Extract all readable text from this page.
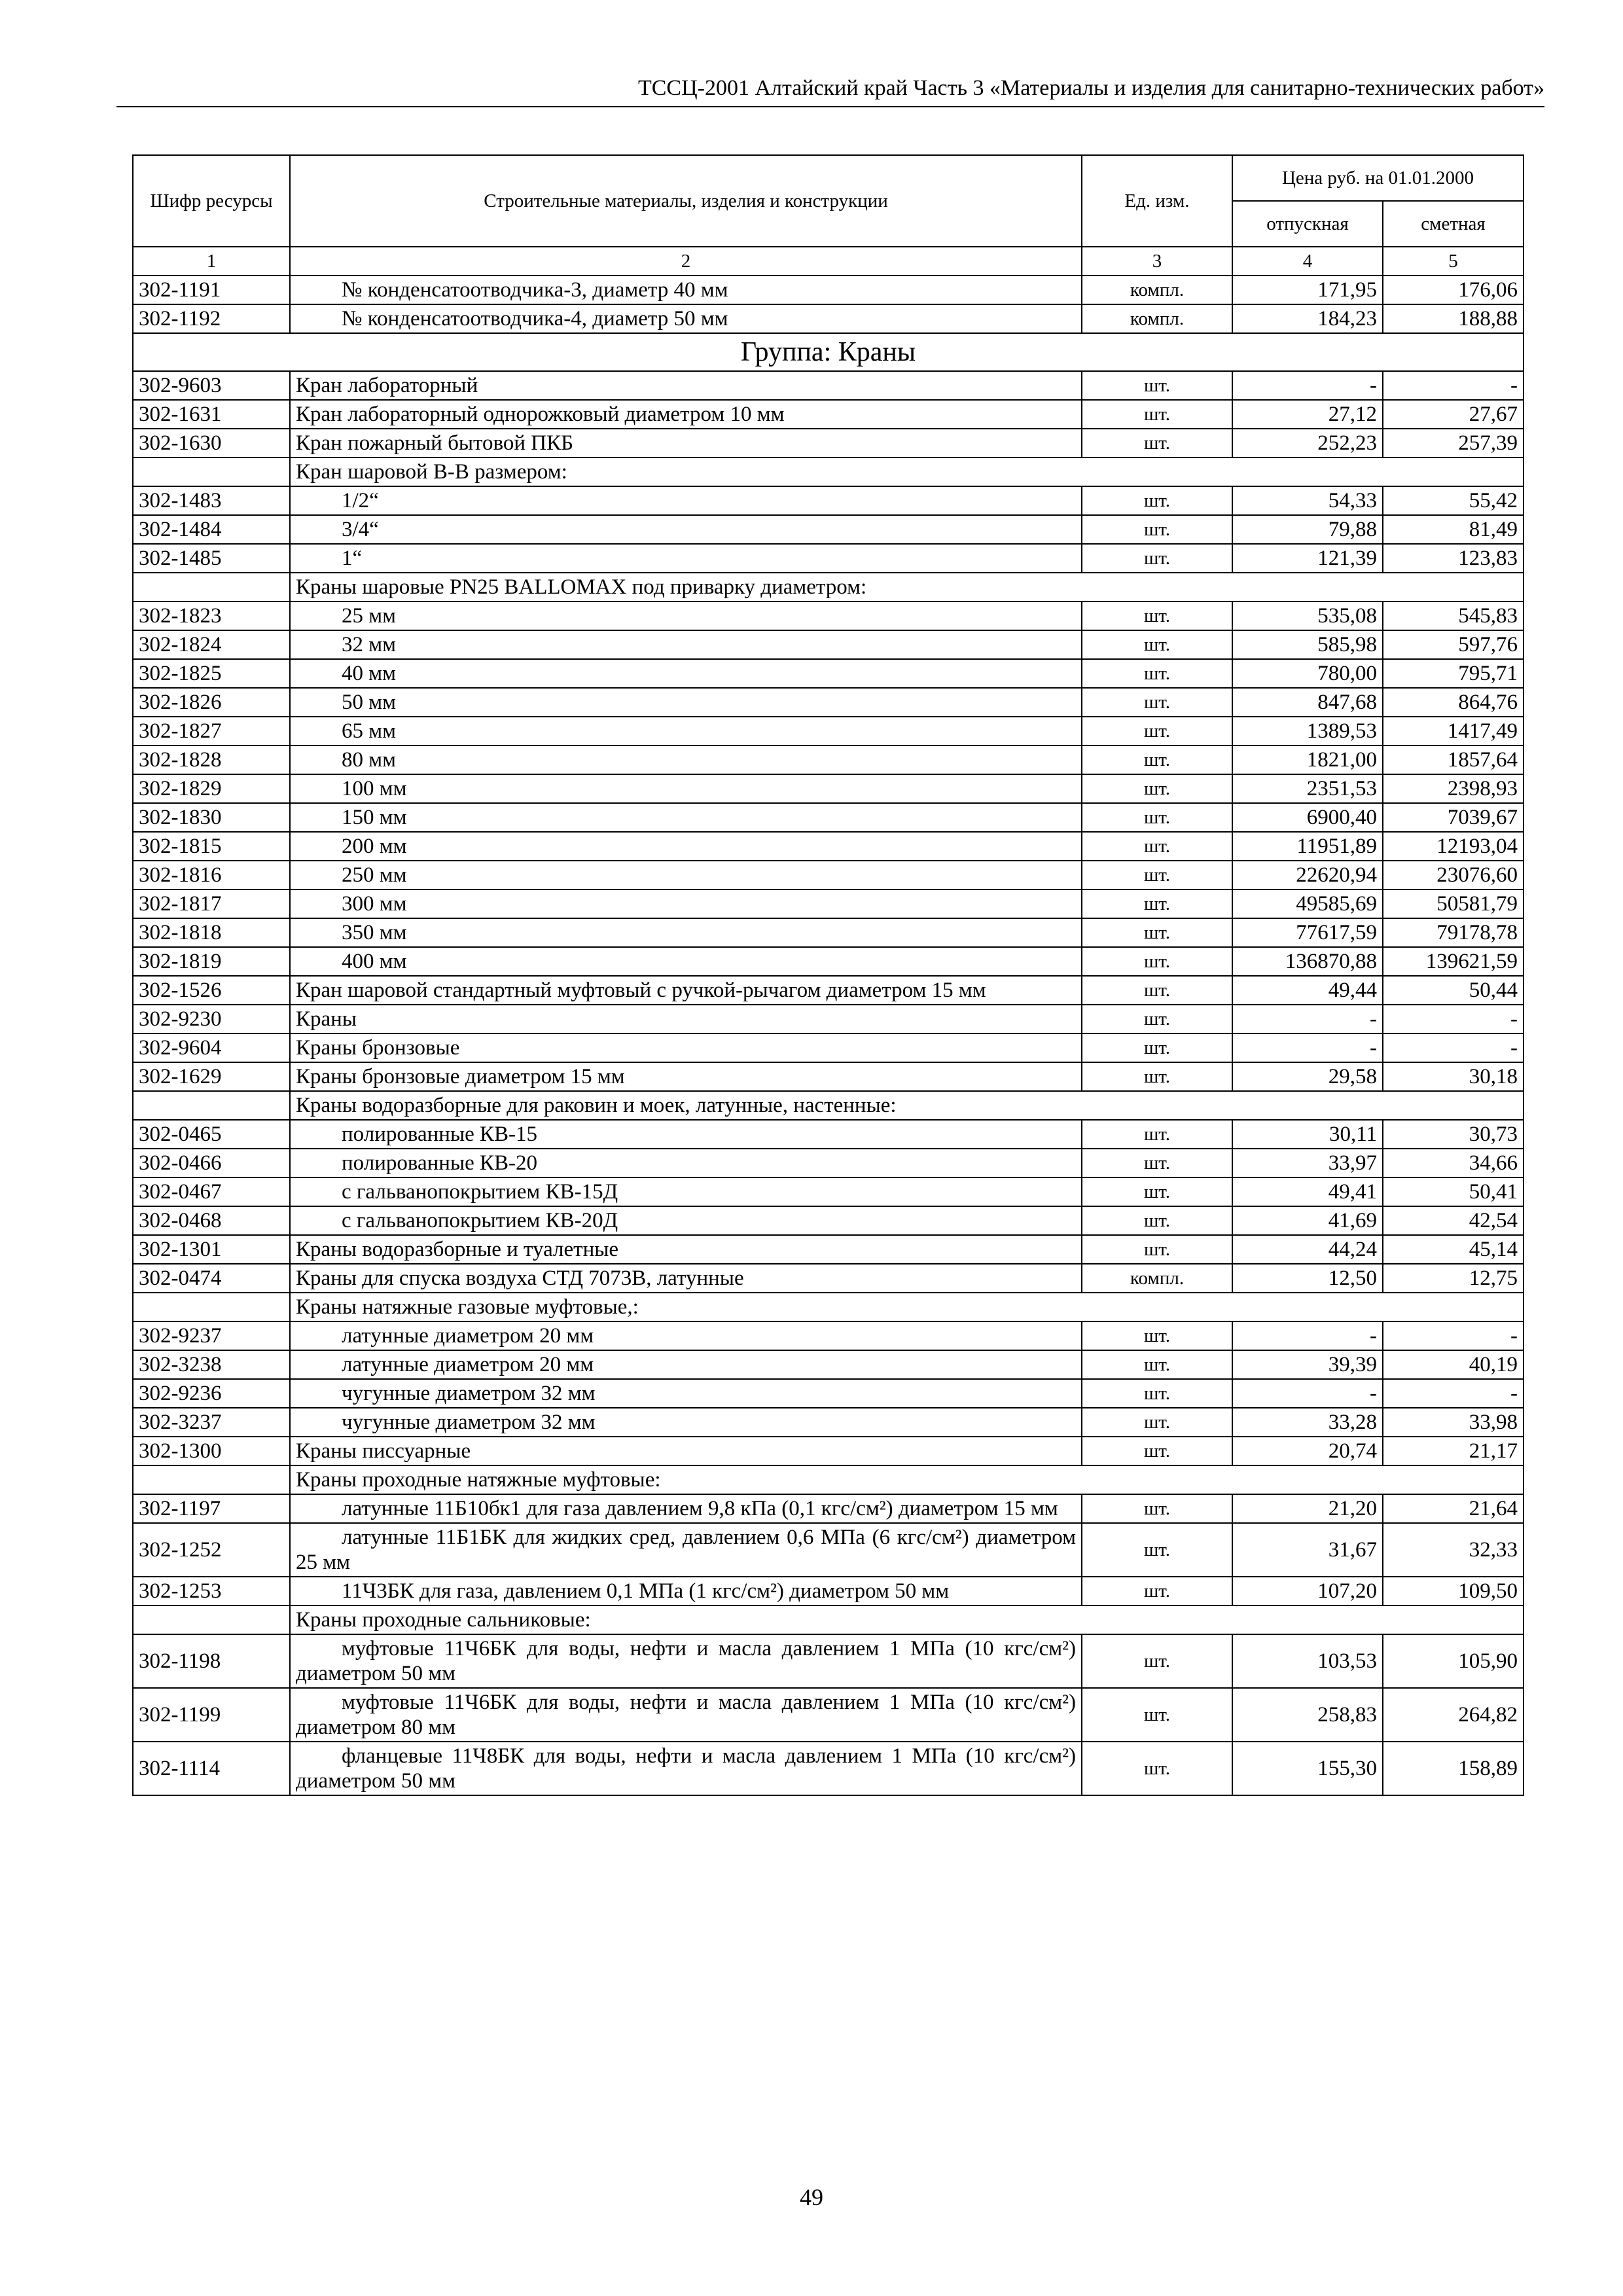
ТССЦ-2001 Алтайский край Часть 3 «Материалы и изделия для санитарно-технических работ»
Шифр ресурсы	Строительные материалы, изделия и конструкции	Ед. изм.	Цена руб. на 01.01.2000	
			отпускная	сметная
1	2	3	4	5
302-1191	№ конденсатоотводчика-3, диаметр 40 мм	компл.	171,95	176,06
302-1192	№ конденсатоотводчика-4, диаметр 50 мм	компл.	184,23	188,88
Группа: Краны				
302-9603	Кран лабораторный	шт.	-	-
302-1631	Кран лабораторный однорожковый диаметром 10 мм	шт.	27,12	27,67
302-1630	Кран пожарный бытовой ПКБ	шт.	252,23	257,39
	Кран шаровой В-В размером:			
302-1483	1/2“	шт.	54,33	55,42
302-1484	3/4“	шт.	79,88	81,49
302-1485	1“	шт.	121,39	123,83
	Краны шаровые PN25 BALLOMAX под приварку диаметром:			
302-1823	25 мм	шт.	535,08	545,83
302-1824	32 мм	шт.	585,98	597,76
302-1825	40 мм	шт.	780,00	795,71
302-1826	50 мм	шт.	847,68	864,76
302-1827	65 мм	шт.	1389,53	1417,49
302-1828	80 мм	шт.	1821,00	1857,64
302-1829	100 мм	шт.	2351,53	2398,93
302-1830	150 мм	шт.	6900,40	7039,67
302-1815	200 мм	шт.	11951,89	12193,04
302-1816	250 мм	шт.	22620,94	23076,60
302-1817	300 мм	шт.	49585,69	50581,79
302-1818	350 мм	шт.	77617,59	79178,78
302-1819	400 мм	шт.	136870,88	139621,59
302-1526	Кран шаровой стандартный муфтовый с ручкой-рычагом диаметром 15 мм	шт.	49,44	50,44
302-9230	Краны	шт.	-	-
302-9604	Краны бронзовые	шт.	-	-
302-1629	Краны бронзовые диаметром 15 мм	шт.	29,58	30,18
	Краны водоразборные для раковин и моек, латунные, настенные:			
302-0465	полированные КВ-15	шт.	30,11	30,73
302-0466	полированные КВ-20	шт.	33,97	34,66
302-0467	с гальванопокрытием КВ-15Д	шт.	49,41	50,41
302-0468	с гальванопокрытием КВ-20Д	шт.	41,69	42,54
302-1301	Краны водоразборные и туалетные	шт.	44,24	45,14
302-0474	Краны для спуска воздуха СТД 7073В, латунные	компл.	12,50	12,75
	Краны натяжные газовые муфтовые,:			
302-9237	латунные диаметром 20 мм	шт.	-	-
302-3238	латунные диаметром 20 мм	шт.	39,39	40,19
302-9236	чугунные диаметром 32 мм	шт.	-	-
302-3237	чугунные диаметром 32 мм	шт.	33,28	33,98
302-1300	Краны писсуарные	шт.	20,74	21,17
	Краны проходные натяжные муфтовые:			
302-1197	латунные 11Б10бк1 для газа давлением 9,8 кПа (0,1 кгс/см²) диаметром 15 мм	шт.	21,20	21,64
302-1252	латунные 11Б1БК для жидких сред, давлением 0,6 МПа (6 кгс/см²) диаметром 25 мм	шт.	31,67	32,33
302-1253	11Ч3БК для газа, давлением 0,1 МПа (1 кгс/см²) диаметром 50 мм	шт.	107,20	109,50
	Краны проходные сальниковые:			
302-1198	муфтовые 11Ч6БК для воды, нефти и масла давлением 1 МПа (10 кгс/см²) диаметром 50 мм	шт.	103,53	105,90
302-1199	муфтовые 11Ч6БК для воды, нефти и масла давлением 1 МПа (10 кгс/см²) диаметром 80 мм	шт.	258,83	264,82
302-1114	фланцевые 11Ч8БК для воды, нефти и масла давлением 1 МПа (10 кгс/см²) диаметром 50 мм	шт.	155,30	158,89
49
